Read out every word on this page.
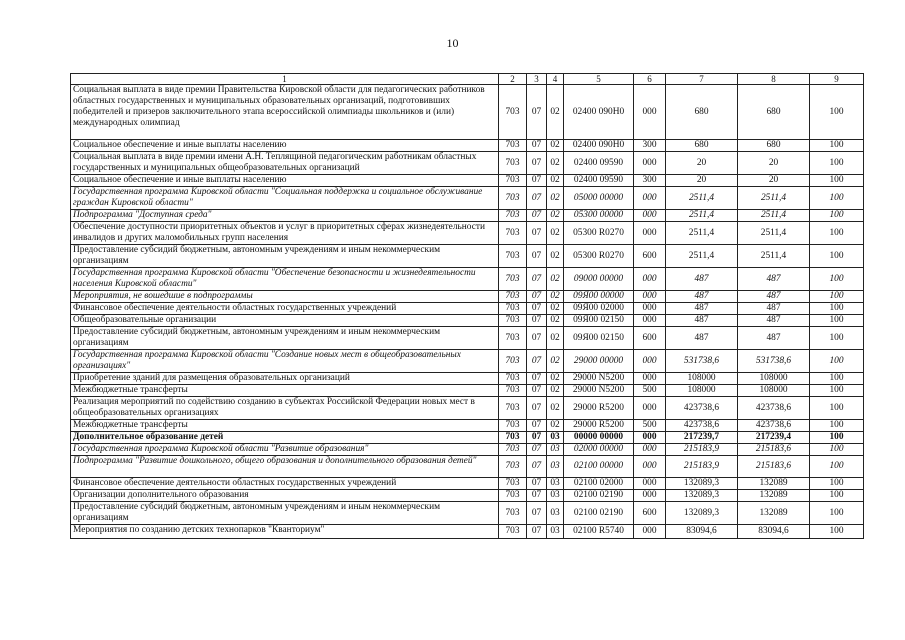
10
1	2	3	4	5	6	7	8	9
Социальная выплата в виде премии Правительства Кировской области для педагогических работников областных государственных и муниципальных образовательных организаций, подготовивших победителей и призеров заключительного этапа всероссийской олимпиады школьников и (или) международных олимпиад	703	07	02	02400 090Н0	000	680	680	100
Социальное обеспечение и иные выплаты населению	703	07	02	02400 090Н0	300	680	680	100
Социальная выплата в виде премии имени А.Н. Теплящиной педагогическим работникам областных государственных и муниципальных общеобразовательных организаций	703	07	02	02400 09590	000	20	20	100
Социальное обеспечение и иные выплаты населению	703	07	02	02400 09590	300	20	20	100
Государственная программа Кировской области "Социальная поддержка и социальное обслуживание граждан Кировской области"	703	07	02	05000 00000	000	2511,4	2511,4	100
Подпрограмма "Доступная среда"	703	07	02	05300 00000	000	2511,4	2511,4	100
Обеспечение доступности приоритетных объектов и услуг в приоритетных сферах жизнедеятельности инвалидов и других маломобильных групп населения	703	07	02	05300 R0270	000	2511,4	2511,4	100
Предоставление субсидий бюджетным, автономным учреждениям и иным некоммерческим организациям	703	07	02	05300 R0270	600	2511,4	2511,4	100
Государственная программа Кировской области "Обеспечение безопасности и жизнедеятельности населения Кировской области"	703	07	02	09000 00000	000	487	487	100
Мероприятия, не вошедшие в подпрограммы	703	07	02	09Я00 00000	000	487	487	100
Финансовое обеспечение деятельности областных государственных учреждений	703	07	02	09Я00 02000	000	487	487	100
Общеобразовательные организации	703	07	02	09Я00 02150	000	487	487	100
Предоставление субсидий бюджетным, автономным учреждениям и иным некоммерческим организациям	703	07	02	09Я00 02150	600	487	487	100
Государственная программа Кировской области "Создание новых мест в общеобразовательных организациях"	703	07	02	29000 00000	000	531738,6	531738,6	100
Приобретение зданий для размещения образовательных организаций	703	07	02	29000 N5200	000	108000	108000	100
Межбюджетные трансферты	703	07	02	29000 N5200	500	108000	108000	100
Реализация мероприятий по содействию созданию в субъектах Российской Федерации новых мест в общеобразовательных организациях	703	07	02	29000 R5200	000	423738,6	423738,6	100
Межбюджетные трансферты	703	07	02	29000 R5200	500	423738,6	423738,6	100
Дополнительное образование детей	703	07	03	00000 00000	000	217239,7	217239,4	100
Государственная программа Кировской области "Развитие образования"	703	07	03	02000 00000	000	215183,9	215183,6	100
Подпрограмма "Развитие дошкольного, общего образования и дополнительного образования детей"	703	07	03	02100 00000	000	215183,9	215183,6	100
Финансовое обеспечение деятельности областных государственных учреждений	703	07	03	02100 02000	000	132089,3	132089	100
Организации дополнительного образования	703	07	03	02100 02190	000	132089,3	132089	100
Предоставление субсидий бюджетным, автономным учреждениям и иным некоммерческим организациям	703	07	03	02100 02190	600	132089,3	132089	100
Мероприятия по созданию детских технопарков "Кванториум"	703	07	03	02100 R5740	000	83094,6	83094,6	100
